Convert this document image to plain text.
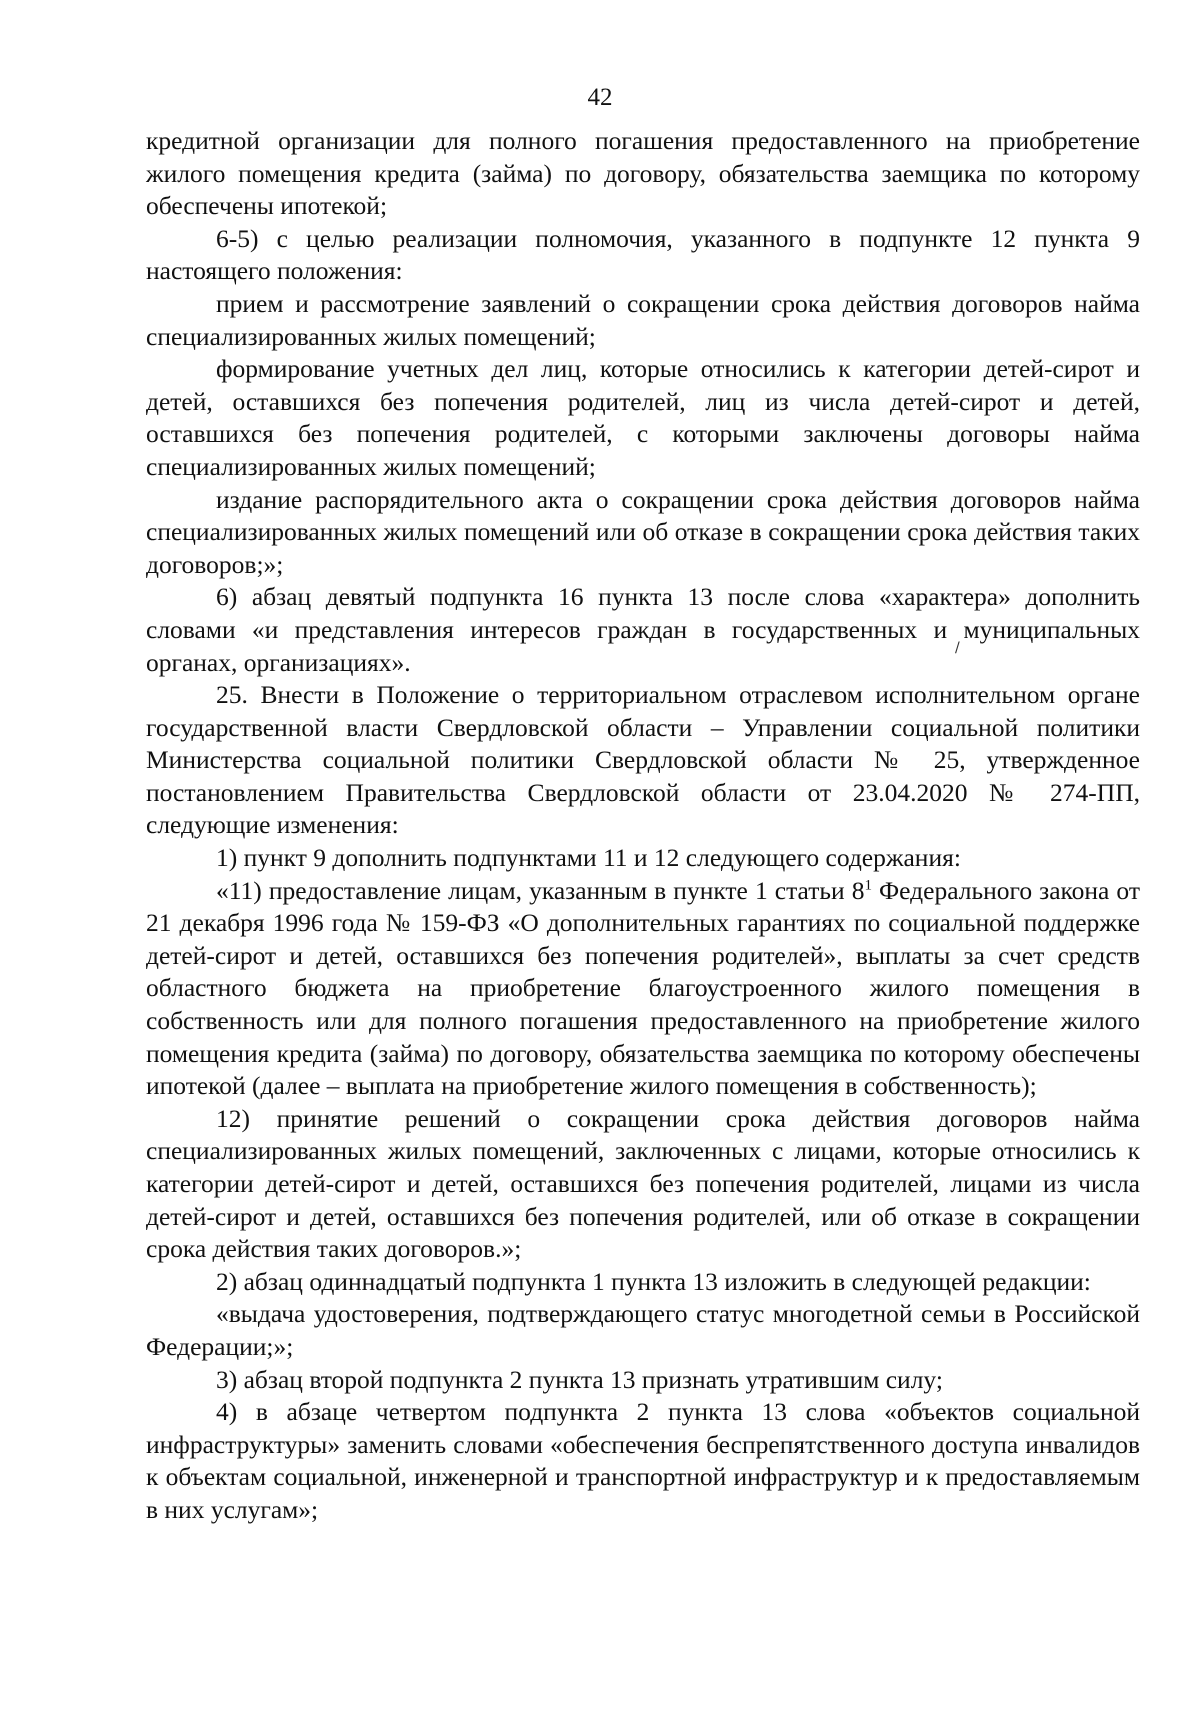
42

кредитной организации для полного погашения предоставленного на приобретение жилого помещения кредита (займа) по договору, обязательства заемщика по которому обеспечены ипотекой;

6-5) с целью реализации полномочия, указанного в подпункте 12 пункта 9 настоящего положения:

прием и рассмотрение заявлений о сокращении срока действия договоров найма специализированных жилых помещений;

формирование учетных дел лиц, которые относились к категории детей-сирот и детей, оставшихся без попечения родителей, лиц из числа детей-сирот и детей, оставшихся без попечения родителей, с которыми заключены договоры найма специализированных жилых помещений;

издание распорядительного акта о сокращении срока действия договоров найма специализированных жилых помещений или об отказе в сокращении срока действия таких договоров;»;

6) абзац девятый подпункта 16 пункта 13 после слова «характера» дополнить словами «и представления интересов граждан в государственных и муниципальных органах, организациях».

25. Внести в Положение о территориальном отраслевом исполнительном органе государственной власти Свердловской области – Управлении социальной политики Министерства социальной политики Свердловской области № 25, утвержденное постановлением Правительства Свердловской области от 23.04.2020 № 274-ПП, следующие изменения:

1) пункт 9 дополнить подпунктами 11 и 12 следующего содержания:

«11) предоставление лицам, указанным в пункте 1 статьи $8^1$ Федерального закона от 21 декабря 1996 года № 159-ФЗ «О дополнительных гарантиях по социальной поддержке детей-сирот и детей, оставшихся без попечения родителей», выплаты за счет средств областного бюджета на приобретение благоустроенного жилого помещения в собственность или для полного погашения предоставленного на приобретение жилого помещения кредита (займа) по договору, обязательства заемщика по которому обеспечены ипотекой (далее – выплата на приобретение жилого помещения в собственность);

12) принятие решений о сокращении срока действия договоров найма специализированных жилых помещений, заключенных с лицами, которые относились к категории детей-сирот и детей, оставшихся без попечения родителей, лицами из числа детей-сирот и детей, оставшихся без попечения родителей, или об отказе в сокращении срока действия таких договоров.»;

2) абзац одиннадцатый подпункта 1 пункта 13 изложить в следующей редакции:

«выдача удостоверения, подтверждающего статус многодетной семьи в Российской Федерации;»;

3) абзац второй подпункта 2 пункта 13 признать утратившим силу;

4) в абзаце четвертом подпункта 2 пункта 13 слова «объектов социальной инфраструктуры» заменить словами «обеспечения беспрепятственного доступа инвалидов к объектам социальной, инженерной и транспортной инфраструктур и к предоставляемым в них услугам»;

/
